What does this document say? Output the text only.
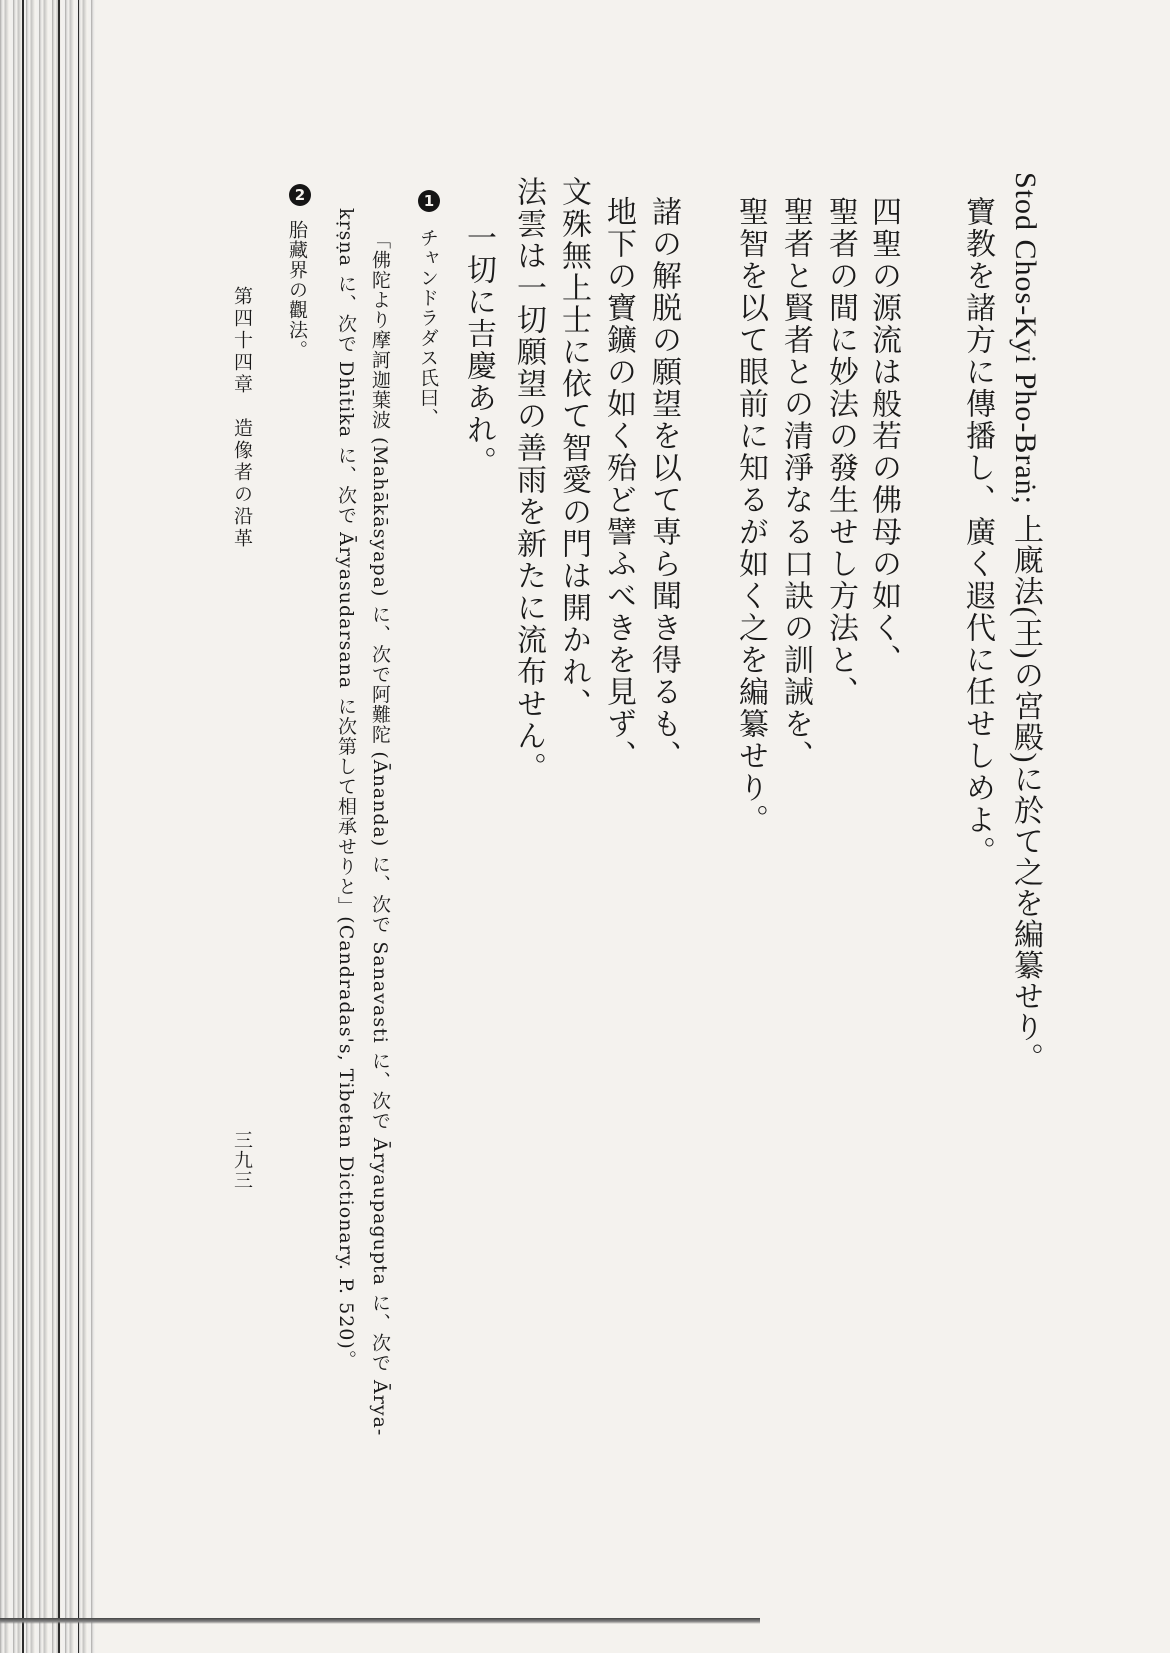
Stod Chos-Kyi Pho-Braṅ; 上廐法(王)の宮殿)に於て之を編纂せり。
寶教を諸方に傳播し、廣く遐代に任せしめよ。
四聖の源流は般若の佛母の如く、
聖者の間に妙法の發生せし方法と、
聖者と賢者との清淨なる口訣の訓誡を、
聖智を以て眼前に知るが如く之を編纂せり。
諸の解脱の願望を以て専ら聞き得るも、
地下の寶鑛の如く殆ど譬ふべきを見ず、
文殊無上士に依て智愛の門は開かれ、
法雲は一切願望の善雨を新たに流布せん。
一切に吉慶あれ。
1
チャンドラダス氏曰、
「佛陀より摩訶迦葉波 (Mahākāsyapa) に、次で阿難陀 (Ānanda) に、次で Sanavasti に、次で Āryaupagupta に、次で Ārya-
kṛṣṇa に、次で Dhītika に、次で Āryasudarsana に次第して相承せりと」(Candradas's, Tibetan Dictionary. P. 520)。
2
胎藏界の觀法。
第四十四章　造像者の沿革
三九三
